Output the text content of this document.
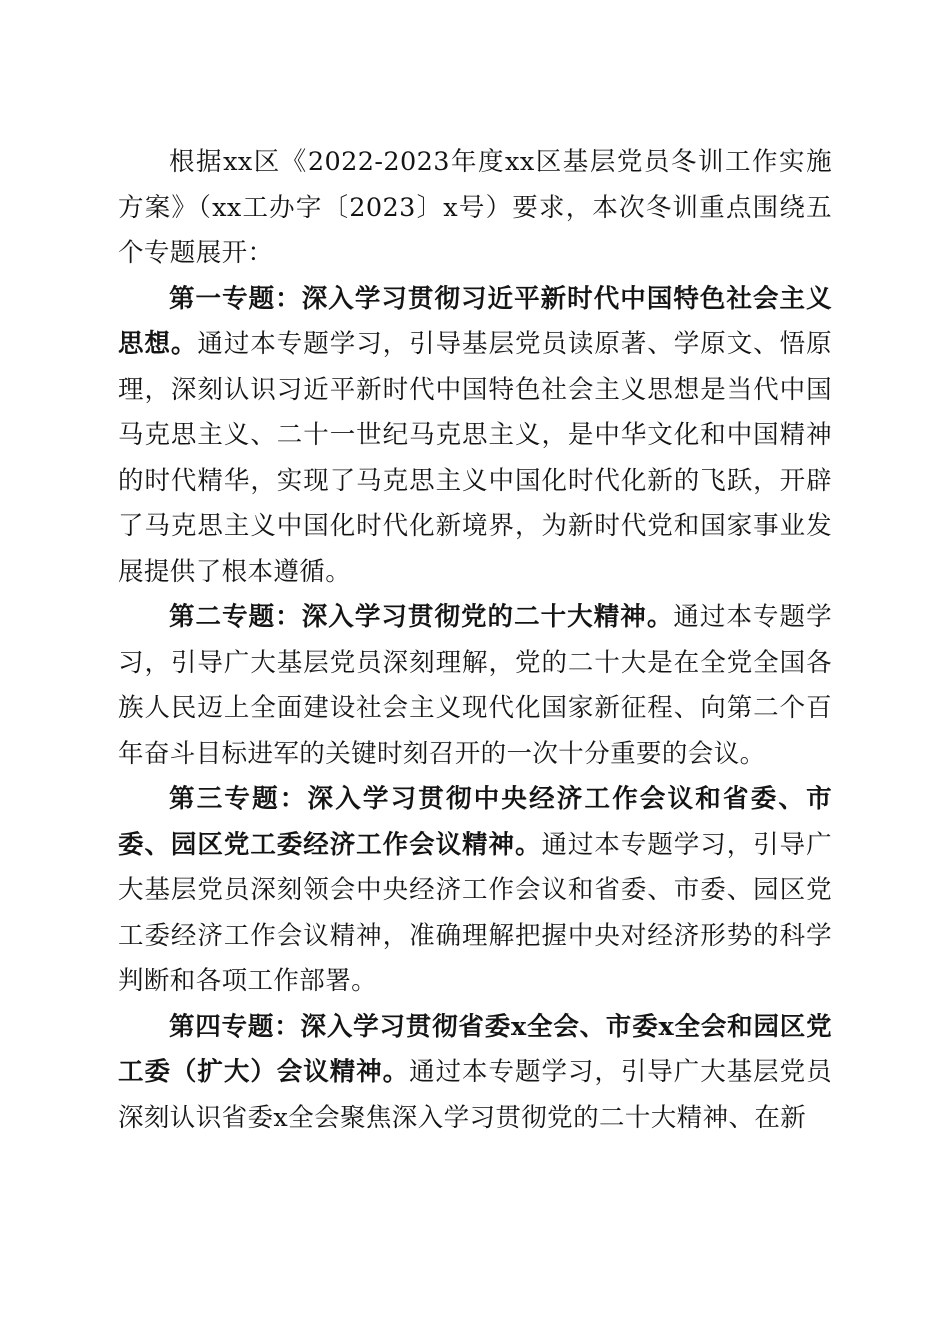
根据xx区《2022-2023年度xx区基层党员冬训工作实施方案》（xx工办字〔2023〕x号）要求，本次冬训重点围绕五个专题展开：

第一专题：深入学习贯彻习近平新时代中国特色社会主义思想。通过本专题学习，引导基层党员读原著、学原文、悟原理，深刻认识习近平新时代中国特色社会主义思想是当代中国马克思主义、二十一世纪马克思主义，是中华文化和中国精神的时代精华，实现了马克思主义中国化时代化新的飞跃，开辟了马克思主义中国化时代化新境界，为新时代党和国家事业发展提供了根本遵循。

第二专题：深入学习贯彻党的二十大精神。通过本专题学习，引导广大基层党员深刻理解，党的二十大是在全党全国各族人民迈上全面建设社会主义现代化国家新征程、向第二个百年奋斗目标进军的关键时刻召开的一次十分重要的会议。

第三专题：深入学习贯彻中央经济工作会议和省委、市委、园区党工委经济工作会议精神。通过本专题学习，引导广大基层党员深刻领会中央经济工作会议和省委、市委、园区党工委经济工作会议精神，准确理解把握中央对经济形势的科学判断和各项工作部署。

第四专题：深入学习贯彻省委x全会、市委x全会和园区党工委（扩大）会议精神。通过本专题学习，引导广大基层党员深刻认识省委x全会聚焦深入学习贯彻党的二十大精神、在新
